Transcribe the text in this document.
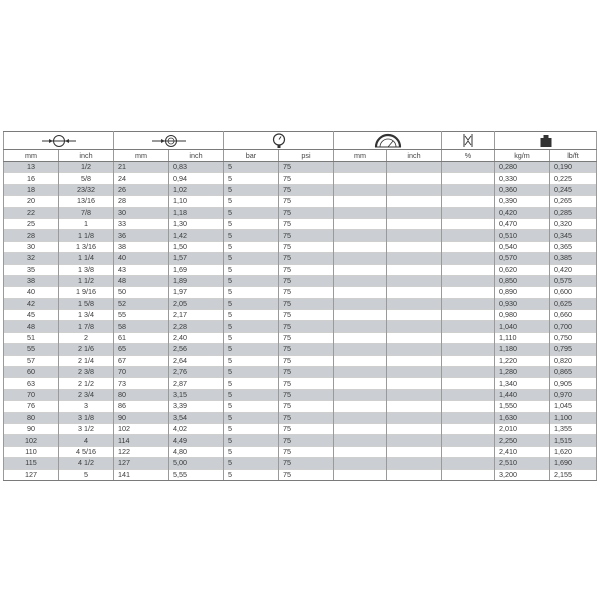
mm	inch	mm	inch	bar	psi	mm	inch	%	kg/m	lb/ft
13	1/2	21	0,83	5	75				0,280	0,190
16	5/8	24	0,94	5	75				0,330	0,225
18	23/32	26	1,02	5	75				0,360	0,245
20	13/16	28	1,10	5	75				0,390	0,265
22	7/8	30	1,18	5	75				0,420	0,285
25	1	33	1,30	5	75				0,470	0,320
28	1 1/8	36	1,42	5	75				0,510	0,345
30	1 3/16	38	1,50	5	75				0,540	0,365
32	1 1/4	40	1,57	5	75				0,570	0,385
35	1 3/8	43	1,69	5	75				0,620	0,420
38	1 1/2	48	1,89	5	75				0,850	0,575
40	1 9/16	50	1,97	5	75				0,890	0,600
42	1 5/8	52	2,05	5	75				0,930	0,625
45	1 3/4	55	2,17	5	75				0,980	0,660
48	1 7/8	58	2,28	5	75				1,040	0,700
51	2	61	2,40	5	75				1,110	0,750
55	2 1/6	65	2,56	5	75				1,180	0,795
57	2 1/4	67	2,64	5	75				1,220	0,820
60	2 3/8	70	2,76	5	75				1,280	0,865
63	2 1/2	73	2,87	5	75				1,340	0,905
70	2 3/4	80	3,15	5	75				1,440	0,970
76	3	86	3,39	5	75				1,550	1,045
80	3 1/8	90	3,54	5	75				1,630	1,100
90	3 1/2	102	4,02	5	75				2,010	1,355
102	4	114	4,49	5	75				2,250	1,515
110	4 5/16	122	4,80	5	75				2,410	1,620
115	4 1/2	127	5,00	5	75				2,510	1,690
127	5	141	5,55	5	75				3,200	2,155
